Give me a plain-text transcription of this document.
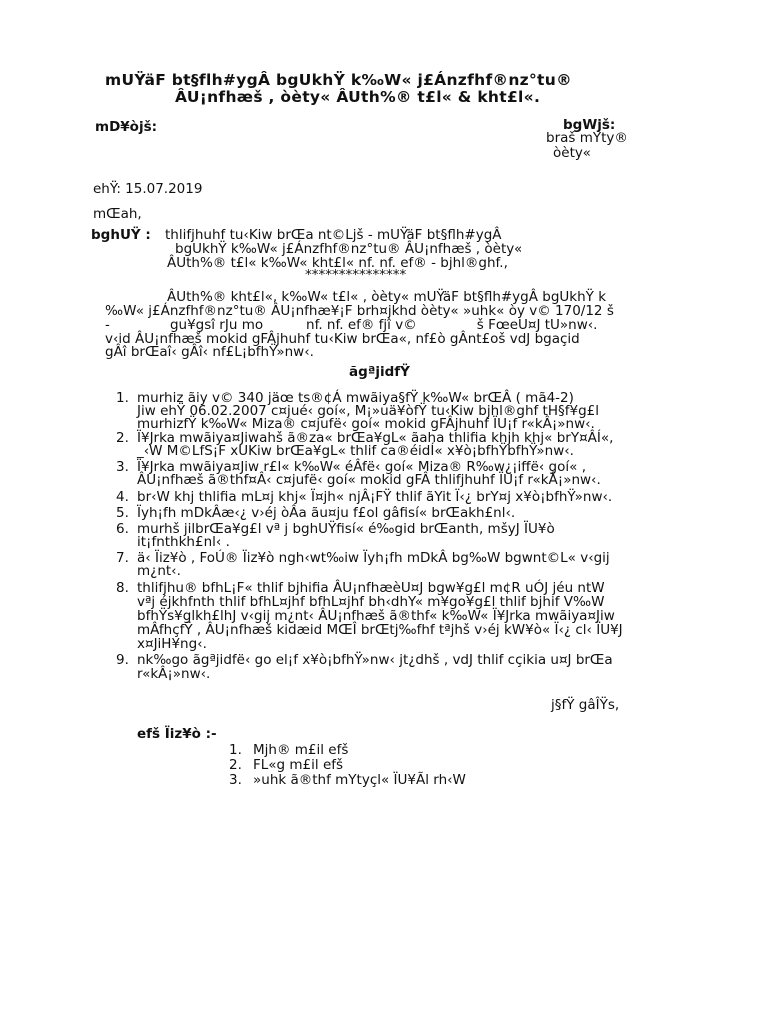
mUŸäF bt§flh#ygÂ bgUkhŸ k‰W« j£Ánzfhf®nz°tu®
ÂU¡nfhæš , òèty« ÂUth%® t£l« & kht£l«.
mD¥òjš:	bgWjš:
braš mYty®
òèty«
ehŸ: 15.07.2019
mŒah,
bghUŸ : thlifjhuhf tu‹Kiw brŒa nt©Ljš - mUŸäF bt§flh#ygÂ
bgUkhŸ k‰W« j£Ánzfhf®nz°tu® ÂU¡nfhæš , òèty«
ÂUth%® t£l« k‰W« kht£l« nf. nf. ef® - bjhl®ghf.,
***************
ÂUth%® kht£l«, k‰W« t£l« , òèty« mUŸäF bt§flh#ygÂ bgUkhŸ k
‰W« j£Ánzfhf®nz°tu® ÂU¡nfhæ¥¡F brh¤jkhd òèty« »uhk« òy v© 170/12 š
-              gu¥gsî rJu mo          nf. nf. ef® fjî v©              š FœeU¤J tU»nw‹.
v‹id ÂU¡nfhæš mokid gFÂjhuhf tu‹Kiw brŒa«, nf£ò gÂnt£oš vdJ bgaçid
gÂî brŒaî‹ gÂî‹ nf£L¡bfhŸ»nw‹.
ãgªjidfŸ
1. murhiz ãiy v© 340 jäœ ts®¢Á mwãiya§fŸ k‰W« brŒÂ ( mã4-2)
Jiw ehŸ 06.02.2007 c¤jué‹ goí«, M¡»uä¥òfŸ tu‹Kiw bjhl®ghf tH§f¥g£l
murhizfŸ k‰W« Miza® c¤jufë‹ goí« mokid gFÂjhuhf ÏU¡f r«kÂ¡»nw‹.
2. Ï¥Jrka mwãiya¤Jiwahš ã®za« brŒa¥gL« ãaha thlifia khjh khj« brY¤ÂÍ«,
_‹W M©LfS¡F xUKiw brŒa¥gL« thlif ca®éidÍ« x¥ò¡bfhŸbfhŸ»nw‹.
3. Ï¥Jrka mwãiya¤Jiw r£l« k‰W« éÂfë‹ goí« Miza® R‰w¿¡iffë‹ goí« ,
ÂU¡nfhæš ã®thf¤Â‹ c¤jufë‹ goí« mokid gFÂ thlifjhuhf ÏU¡f r«kÂ¡»nw‹.
4. br‹W khj thlifia mL¤j khj« Ï¤jh« njÂ¡FŸ thlif ãYit Ï‹¿ brY¤j x¥ò¡bfhŸ»nw‹.
5. Ïyh¡fh mDkÂæ‹¿ v›éj òÂa ãu¤ju f£ol gâfisí« brŒakh£nl‹.
6. murhš jilbrŒa¥g£l vª j bghUŸfisí« é‰gid brŒanth, mšyJ ÏU¥ò
it¡fnthkh£nl‹ .
7. ä‹ Ïiz¥ò , FoÚ® Ïiz¥ò ngh‹wt‰iw Ïyh¡fh mDkÂ bg‰W bgwnt©L« v‹gij
m¿nt‹.
8. thlifjhu® bfhL¡F« thlif bjhifia ÂU¡nfhæèU¤J bgw¥g£l m¢R uÓJ jéu ntW
vªj éjkhfnth thlif bfhL¤jhf bfhL¤jhf bh‹dhY« m¥go¥g£l thlif bjhif V‰W
bfhŸs¥glkh£lhJ v‹gij m¿nt‹ ÂU¡nfhæš ã®thf« k‰W« Ï¥Jrka mwãiya¤Jiw
mÂfhçfŸ , ÂU¡nfhæš kidæid MŒÎ brŒtj‰fhf tªjhš v›éj kW¥ò« Ï‹¿ cl‹ ÏU¥J
x¤JiH¥ng‹.
9. nk‰go ãgªjidfë‹ go el¡f x¥ò¡bfhŸ»nw‹ jt¿dhš , vdJ thlif cçikia u¤J brŒa
r«kÂ¡»nw‹.
j§fŸ gâÎŸs,
efš Ïiz¥ò :-
1. Mjh® m£il efš
2. FL«g m£il efš
3. »uhk ã®thf mYtyçl« ÏU¥Ãl rh‹W
